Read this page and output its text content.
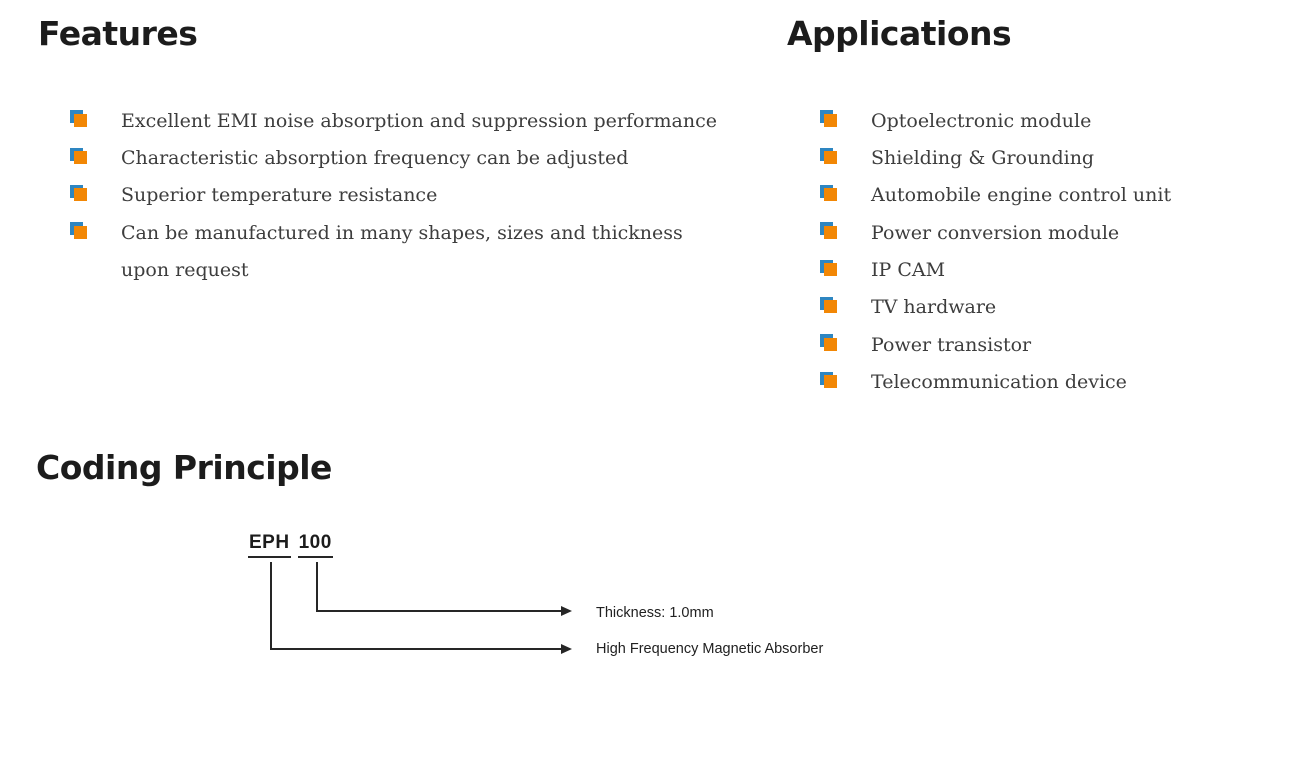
Features
Excellent EMI noise absorption and suppression performance
Characteristic absorption frequency can be adjusted
Superior temperature resistance
Can be manufactured in many shapes, sizes and thickness
upon request
Applications
Optoelectronic module
Shielding & Grounding
Automobile engine control unit
Power conversion module
IP CAM
TV hardware
Power transistor
Telecommunication device
Coding Principle
EPH 100
Thickness: 1.0mm
High Frequency Magnetic Absorber
